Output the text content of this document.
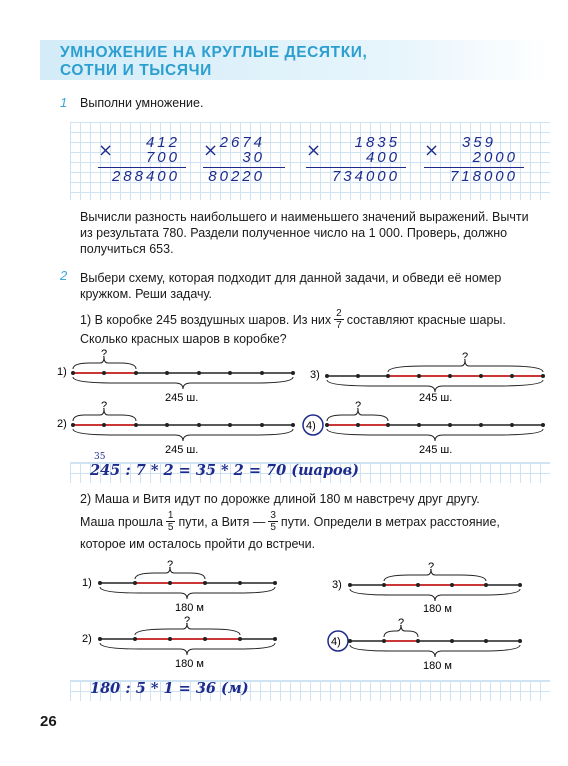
УМНОЖЕНИЕ НА КРУГЛЫЕ ДЕСЯТКИ,
СОТНИ И ТЫСЯЧИ
1 Выполни умножение.
× 412
700
288400
× 2674
30
80220
× 1835
400
734000
× 359
2000
718000
Вычисли разность наибольшего и наименьшего значений выражений. Вычти
из результата 780. Раздели полученное число на 1 000. Проверь, должно
получиться 653.
2 Выбери схему, которая подходит для данной задачи, и обведи её номер
кружком. Реши задачу.
1) В коробке 245 воздушных шаров. Из них $\frac{2}{7}$ составляют красные шары.
Сколько красных шаров в коробке?
1)
?
245 ш.
2)
?
245 ш.
3)
?
245 ш.
4)
?
245 ш.
35
245 : 7 * 2 = 35 * 2 = 70 (шаров)
2) Маша и Витя идут по дорожке длиной 180 м навстречу друг другу.
Маша прошла $\frac{1}{5}$ пути, а Витя — $\frac{3}{5}$ пути. Определи в метрах расстояние,
которое им осталось пройти до встречи.
1)
?
180 м
2)
?
180 м
3)
?
180 м
4)
?
180 м
180 : 5 * 1 = 36 (м)
26
